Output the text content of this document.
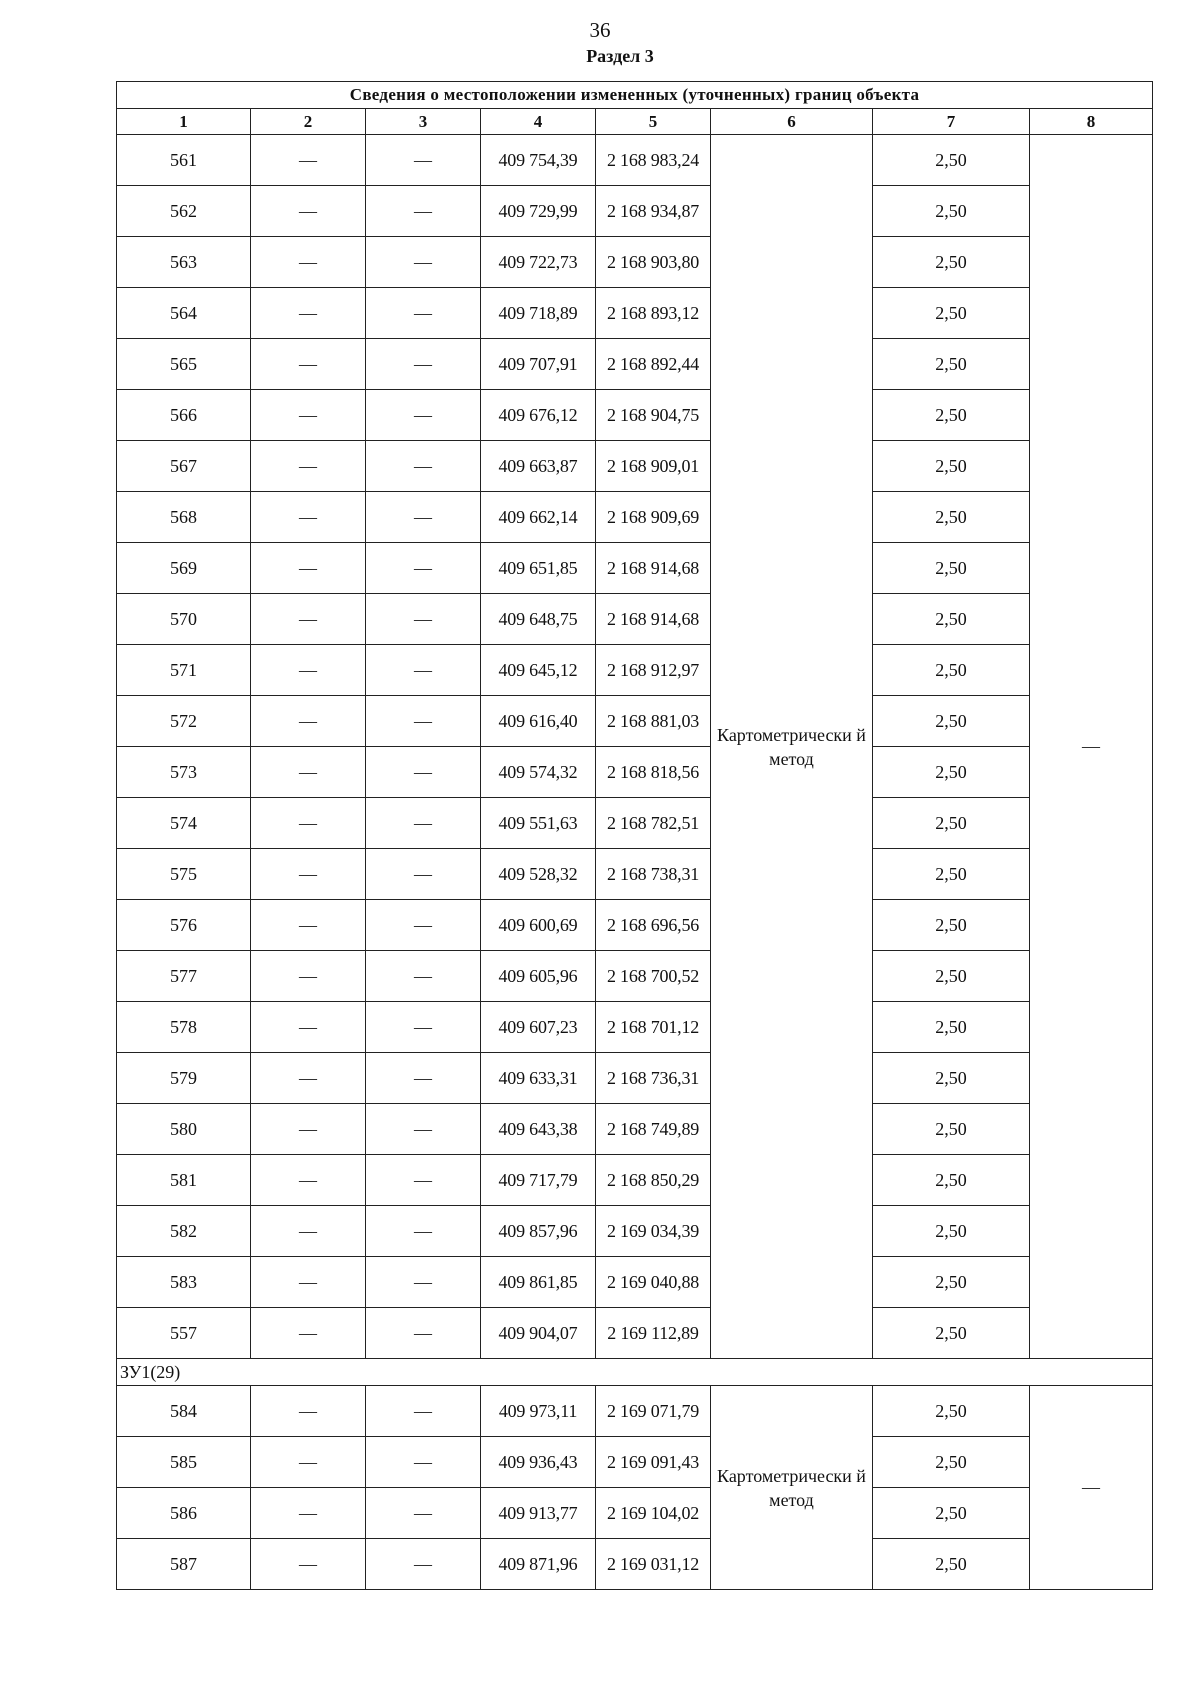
36
Раздел 3
Сведения о местоположении измененных (уточненных) границ объекта							
1	2	3	4	5	6	7	8
561	—	—	409 754,39	2 168 983,24	Картометрически й метод	2,50	—
562	—	—	409 729,99	2 168 934,87		2,50	
563	—	—	409 722,73	2 168 903,80		2,50	
564	—	—	409 718,89	2 168 893,12		2,50	
565	—	—	409 707,91	2 168 892,44		2,50	
566	—	—	409 676,12	2 168 904,75		2,50	
567	—	—	409 663,87	2 168 909,01		2,50	
568	—	—	409 662,14	2 168 909,69		2,50	
569	—	—	409 651,85	2 168 914,68		2,50	
570	—	—	409 648,75	2 168 914,68		2,50	
571	—	—	409 645,12	2 168 912,97		2,50	
572	—	—	409 616,40	2 168 881,03		2,50	
573	—	—	409 574,32	2 168 818,56		2,50	
574	—	—	409 551,63	2 168 782,51		2,50	
575	—	—	409 528,32	2 168 738,31		2,50	
576	—	—	409 600,69	2 168 696,56		2,50	
577	—	—	409 605,96	2 168 700,52		2,50	
578	—	—	409 607,23	2 168 701,12		2,50	
579	—	—	409 633,31	2 168 736,31		2,50	
580	—	—	409 643,38	2 168 749,89		2,50	
581	—	—	409 717,79	2 168 850,29		2,50	
582	—	—	409 857,96	2 169 034,39		2,50	
583	—	—	409 861,85	2 169 040,88		2,50	
557	—	—	409 904,07	2 169 112,89		2,50	
ЗУ1(29)							
584	—	—	409 973,11	2 169 071,79	Картометрически й метод	2,50	—
585	—	—	409 936,43	2 169 091,43		2,50	
586	—	—	409 913,77	2 169 104,02		2,50	
587	—	—	409 871,96	2 169 031,12		2,50	
